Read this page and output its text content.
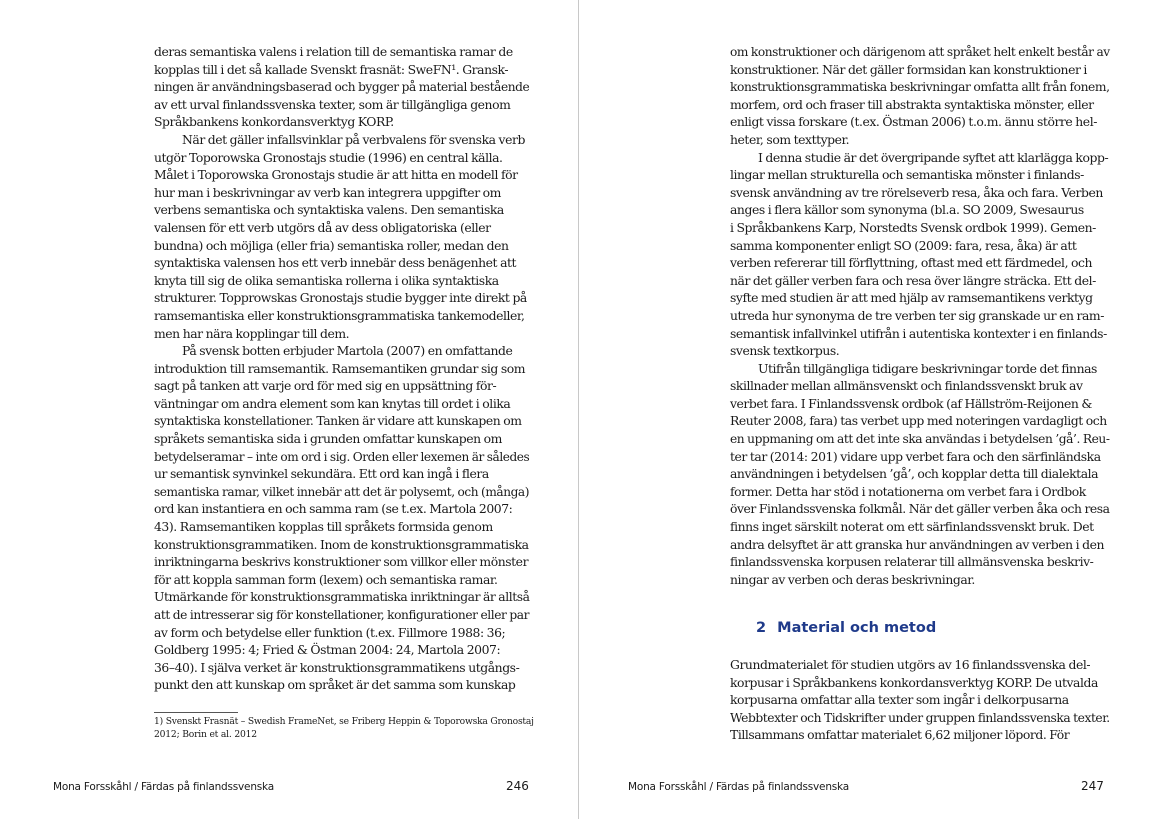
deras semantiska valens i relation till de semantiska ramar de
kopplas till i det så kallade Svenskt frasnät: SweFN¹. Gransk-
ningen är användningsbaserad och bygger på material bestående
av ett urval finlandssvenska texter, som är tillgängliga genom
Språkbankens konkordansverktyg KORP.
När det gäller infallsvinklar på verbvalens för svenska verb
utgör Toporowska Gronostajs studie (1996) en central källa.
Målet i Toporowska Gronostajs studie är att hitta en modell för
hur man i beskrivningar av verb kan integrera uppgifter om
verbens semantiska och syntaktiska valens. Den semantiska
valensen för ett verb utgörs då av dess obligatoriska (eller
bundna) och möjliga (eller fria) semantiska roller, medan den
syntaktiska valensen hos ett verb innebär dess benägenhet att
knyta till sig de olika semantiska rollerna i olika syntaktiska
strukturer. Topprowskas Gronostajs studie bygger inte direkt på
ramsemantiska eller konstruktionsgrammatiska tankemodeller,
men har nära kopplingar till dem.
På svensk botten erbjuder Martola (2007) en omfattande
introduktion till ramsemantik. Ramsemantiken grundar sig som
sagt på tanken att varje ord för med sig en uppsättning för-
väntningar om andra element som kan knytas till ordet i olika
syntaktiska konstellationer. Tanken är vidare att kunskapen om
språkets semantiska sida i grunden omfattar kunskapen om
betydelseramar – inte om ord i sig. Orden eller lexemen är således
ur semantisk synvinkel sekundära. Ett ord kan ingå i flera
semantiska ramar, vilket innebär att det är polysemt, och (många)
ord kan instantiera en och samma ram (se t.ex. Martola 2007:
43). Ramsemantiken kopplas till språkets formsida genom
konstruktionsgrammatiken. Inom de konstruktionsgrammatiska
inriktningarna beskrivs konstruktioner som villkor eller mönster
för att koppla samman form (lexem) och semantiska ramar.
Utmärkande för konstruktionsgrammatiska inriktningar är alltså
att de intresserar sig för konstellationer, konfigurationer eller par
av form och betydelse eller funktion (t.ex. Fillmore 1988: 36;
Goldberg 1995: 4; Fried & Östman 2004: 24, Martola 2007:
36–40). I själva verket är konstruktionsgrammatikens utgångs-
punkt den att kunskap om språket är det samma som kunskap
1) Svenskt Frasnät – Swedish FrameNet, se Friberg Heppin & Toporowska Gronostaj
2012; Borin et al. 2012
Mona Forsskåhl / Färdas på finlandssvenska	246
om konstruktioner och därigenom att språket helt enkelt består av
konstruktioner. När det gäller formsidan kan konstruktioner i
konstruktionsgrammatiska beskrivningar omfatta allt från fonem,
morfem, ord och fraser till abstrakta syntaktiska mönster, eller
enligt vissa forskare (t.ex. Östman 2006) t.o.m. ännu större hel-
heter, som texttyper.
I denna studie är det övergripande syftet att klarlägga kopp-
lingar mellan strukturella och semantiska mönster i finlands-
svensk användning av tre rörelseverb resa, åka och fara. Verben
anges i flera källor som synonyma (bl.a. SO 2009, Swesaurus
i Språkbankens Karp, Norstedts Svensk ordbok 1999). Gemen-
samma komponenter enligt SO (2009: fara, resa, åka) är att
verben refererar till förflyttning, oftast med ett färdmedel, och
när det gäller verben fara och resa över längre sträcka. Ett del-
syfte med studien är att med hjälp av ramsemantikens verktyg
utreda hur synonyma de tre verben ter sig granskade ur en ram-
semantisk infallvinkel utifrån i autentiska kontexter i en finlands-
svensk textkorpus.
Utifrån tillgängliga tidigare beskrivningar torde det finnas
skillnader mellan allmänsvenskt och finlandssvenskt bruk av
verbet fara. I Finlandssvensk ordbok (af Hällström-Reijonen &
Reuter 2008, fara) tas verbet upp med noteringen vardagligt och
en uppmaning om att det inte ska användas i betydelsen ’gå’. Reu-
ter tar (2014: 201) vidare upp verbet fara och den särfinländska
användningen i betydelsen ’gå’, och kopplar detta till dialektala
former. Detta har stöd i notationerna om verbet fara i Ordbok
över Finlandssvenska folkmål. När det gäller verben åka och resa
finns inget särskilt noterat om ett särfinlandssvenskt bruk. Det
andra delsyftet är att granska hur användningen av verben i den
finlandssvenska korpusen relaterar till allmänsvenska beskriv-
ningar av verben och deras beskrivningar.
2 Material och metod
Grundmaterialet för studien utgörs av 16 finlandssvenska del-
korpusar i Språkbankens konkordansverktyg KORP. De utvalda
korpusarna omfattar alla texter som ingår i delkorpusarna
Webbtexter och Tidskrifter under gruppen finlandssvenska texter.
Tillsammans omfattar materialet 6,62 miljoner löpord. För
Mona Forsskåhl / Färdas på finlandssvenska	247
